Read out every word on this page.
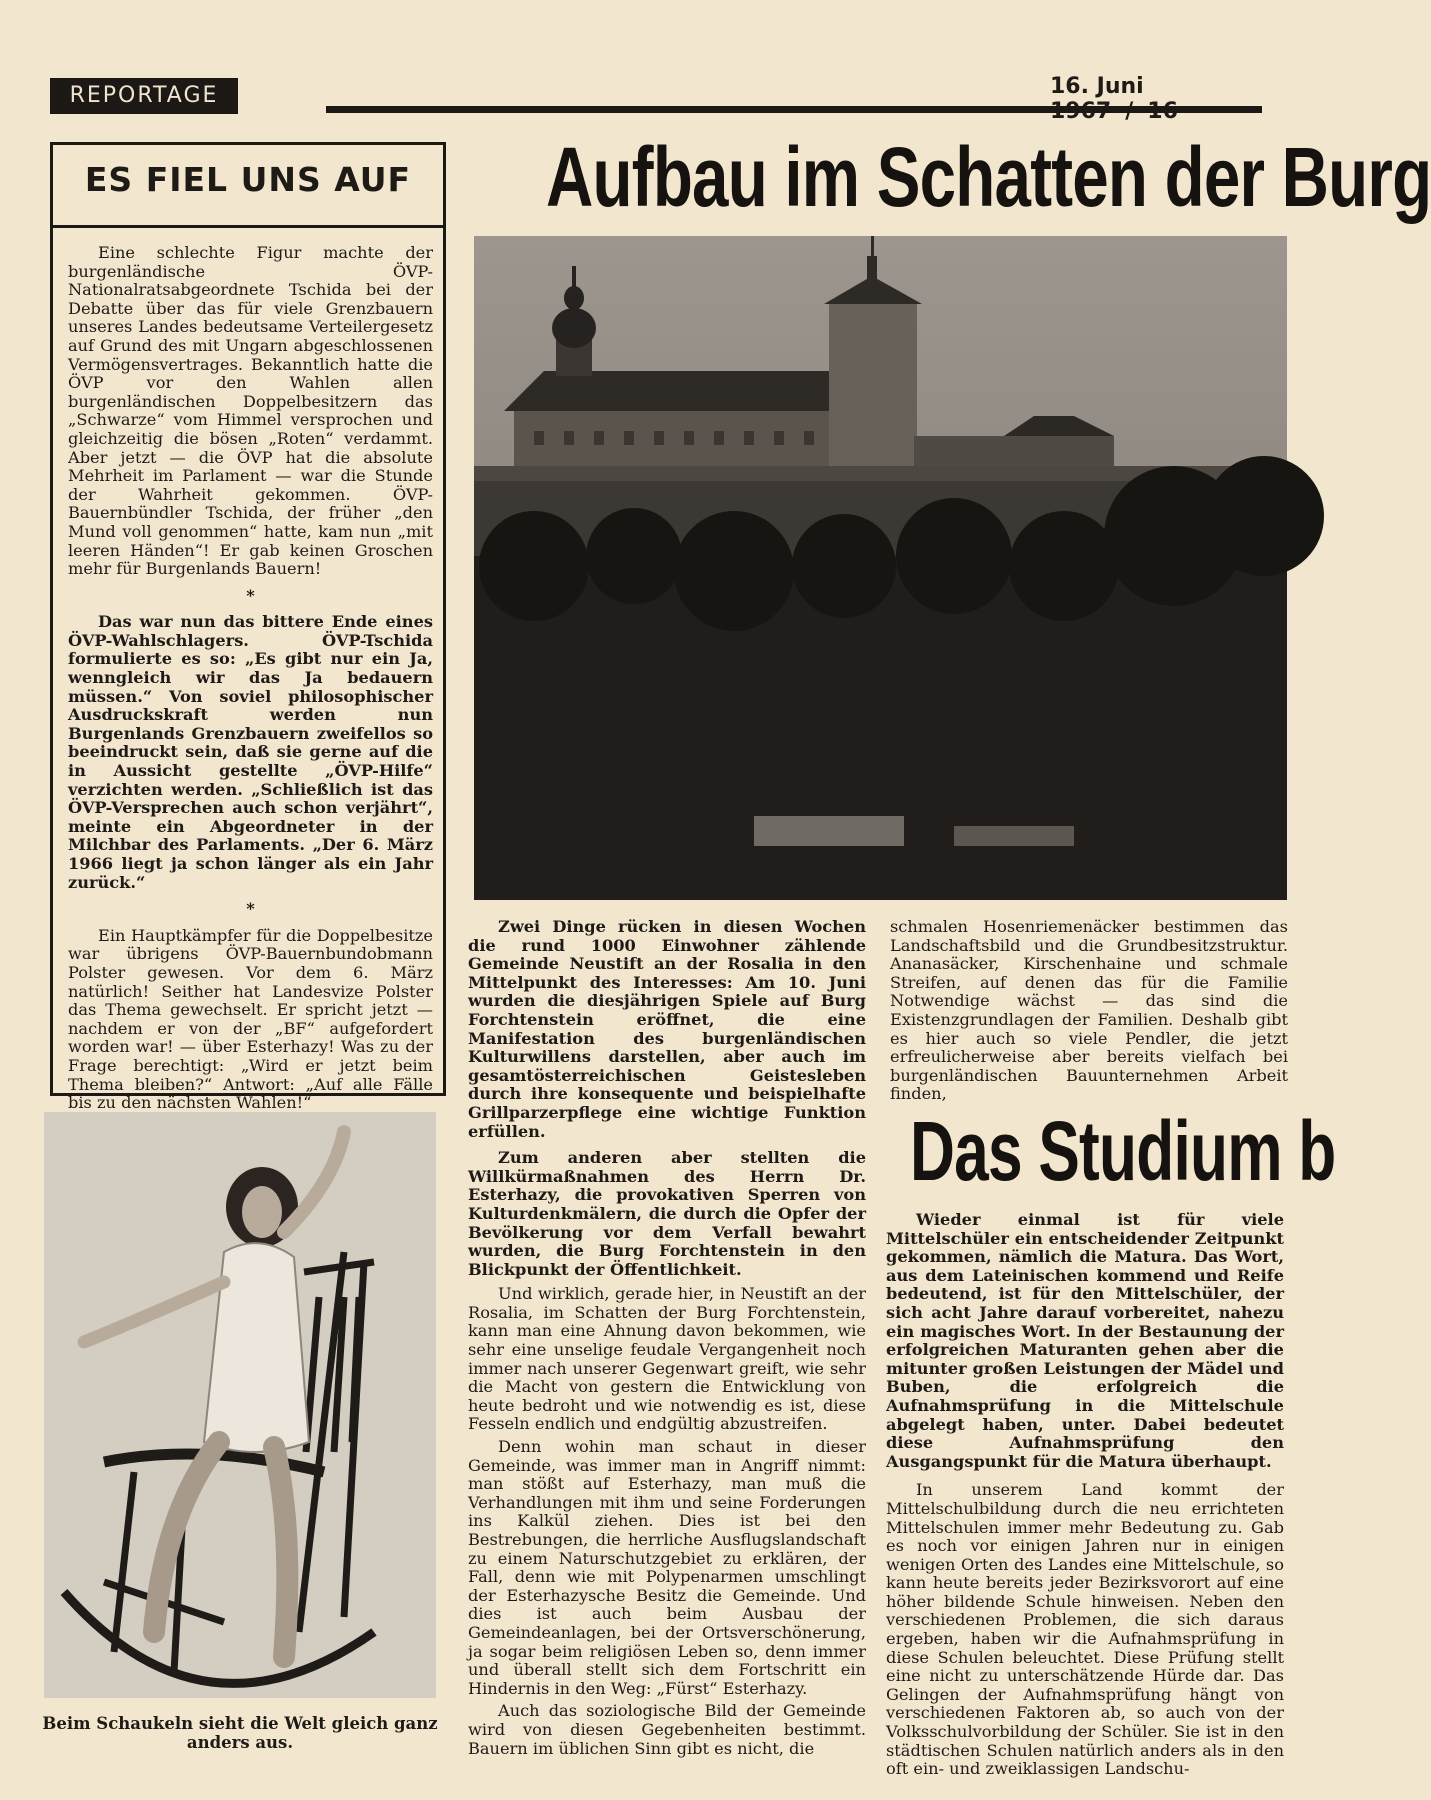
REPORTAGE	16. Juni
ES FIEL UNS AUF

Eine schlechte Figur machte der burgenländische ÖVP-Nationalratsabgeordnete Tschida bei der Debatte über das für viele Grenzbauern unseres Landes bedeutsame Verteilergesetz auf Grund des mit Ungarn abgeschlossenen Vermögensvertrages. Bekanntlich hatte die ÖVP vor den Wahlen allen burgenländischen Doppelbesitzern das „Schwarze“ vom Himmel versprochen und gleichzeitig die bösen „Roten“ verdammt. Aber jetzt — die ÖVP hat die absolute Mehrheit im Parlament — war die Stunde der Wahrheit gekommen. ÖVP-Bauernbündler Tschida, der früher „den Mund voll genommen“ hatte, kam nun „mit leeren Händen“! Er gab keinen Groschen mehr für Burgenlands Bauern!

*

Das war nun das bittere Ende eines ÖVP-Wahlschlagers. ÖVP-Tschida formulierte es so: „Es gibt nur ein Ja, wenngleich wir das Ja bedauern müssen.“ Von soviel philosophischer Ausdruckskraft werden nun Burgenlands Grenzbauern zweifellos so beeindruckt sein, daß sie gerne auf die in Aussicht gestellte „ÖVP-Hilfe“ verzichten werden. „Schließlich ist das ÖVP-Versprechen auch schon verjährt“, meinte ein Abgeordneter in der Milchbar des Parlaments. „Der 6. März 1966 liegt ja schon länger als ein Jahr zurück.“

*

Ein Hauptkämpfer für die Doppelbesitze war übrigens ÖVP-Bauernbundobmann Polster gewesen. Vor dem 6. März natürlich! Seither hat Landesvize Polster das Thema gewechselt. Er spricht jetzt — nachdem er von der „BF“ aufgefordert worden war! — über Esterhazy! Was zu der Frage berechtigt: „Wird er jetzt beim Thema bleiben?“ Antwort: „Auf alle Fälle bis zu den nächsten Wahlen!“

Aufbau im Schatten der Burg

Zwei Dinge rücken in diesen Wochen die rund 1000 Einwohner zählende Gemeinde Neustift an der Rosalia in den Mittelpunkt des Interesses: Am 10. Juni wurden die diesjährigen Spiele auf Burg Forchtenstein eröffnet, die eine Manifestation des burgenländischen Kulturwillens darstellen, aber auch im gesamtösterreichischen Geistesleben durch ihre konsequente und beispielhafte Grillparzerpflege eine wichtige Funktion erfüllen.

Zum anderen aber stellten die Willkürmaßnahmen des Herrn Dr. Esterhazy, die provokativen Sperren von Kulturdenkmälern, die durch die Opfer der Bevölkerung vor dem Verfall bewahrt wurden, die Burg Forchtenstein in den Blickpunkt der Öffentlichkeit.

Und wirklich, gerade hier, in Neustift an der Rosalia, im Schatten der Burg Forchtenstein, kann man eine Ahnung davon bekommen, wie sehr eine unselige feudale Vergangenheit noch immer nach unserer Gegenwart greift, wie sehr die Macht von gestern die Entwicklung von heute bedroht und wie notwendig es ist, diese Fesseln endlich und endgültig abzustreifen.

Denn wohin man schaut in dieser Gemeinde, was immer man in Angriff nimmt: man stößt auf Esterhazy, man muß die Verhandlungen mit ihm und seine Forderungen ins Kalkül ziehen. Dies ist bei den Bestrebungen, die herrliche Ausflugslandschaft zu einem Naturschutzgebiet zu erklären, der Fall, denn wie mit Polypenarmen umschlingt der Esterhazysche Besitz die Gemeinde. Und dies ist auch beim Ausbau der Gemeindeanlagen, bei der Ortsverschönerung, ja sogar beim religiösen Leben so, denn immer und überall stellt sich dem Fortschritt ein Hindernis in den Weg: „Fürst“ Esterhazy.

Auch das soziologische Bild der Gemeinde wird von diesen Gegebenheiten bestimmt. Bauern im üblichen Sinn gibt es nicht, die

schmalen Hosenriemenäcker bestimmen das Landschaftsbild und die Grundbesitzstruktur. Ananasäcker, Kirschenhaine und schmale Streifen, auf denen das für die Familie Notwendige wächst — das sind die Existenzgrundlagen der Familien. Deshalb gibt es hier auch so viele Pendler, die jetzt erfreulicherweise aber bereits vielfach bei burgenländischen Bauunternehmen Arbeit finden,

Das Studium b

Wieder einmal ist für viele Mittelschüler ein entscheidender Zeitpunkt gekommen, nämlich die Matura. Das Wort, aus dem Lateinischen kommend und Reife bedeutend, ist für den Mittelschüler, der sich acht Jahre darauf vorbereitet, nahezu ein magisches Wort. In der Bestaunung der erfolgreichen Maturanten gehen aber die mitunter großen Leistungen der Mädel und Buben, die erfolgreich die Aufnahmsprüfung in die Mittelschule abgelegt haben, unter. Dabei bedeutet diese Aufnahmsprüfung den Ausgangspunkt für die Matura überhaupt.

In unserem Land kommt der Mittelschulbildung durch die neu errichteten Mittelschulen immer mehr Bedeutung zu. Gab es noch vor einigen Jahren nur in einigen wenigen Orten des Landes eine Mittelschule, so kann heute bereits jeder Bezirksvorort auf eine höher bildende Schule hinweisen. Neben den verschiedenen Problemen, die sich daraus ergeben, haben wir die Aufnahmsprüfung in diese Schulen beleuchtet. Diese Prüfung stellt eine nicht zu unterschätzende Hürde dar. Das Gelingen der Aufnahmsprüfung hängt von verschiedenen Faktoren ab, so auch von der Volksschulvorbildung der Schüler. Sie ist in den städtischen Schulen natürlich anders als in den oft ein- und zweiklassigen Landschu-

Beim Schaukeln sieht die Welt gleich ganz anders aus.
